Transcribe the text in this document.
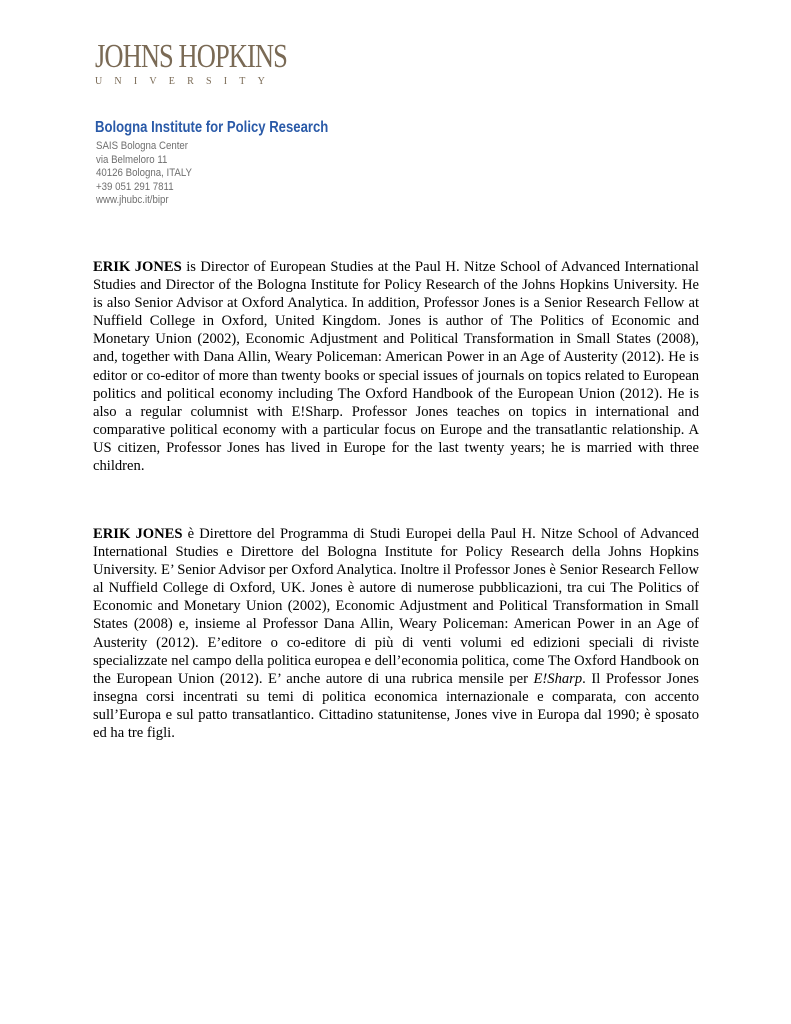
JOHNS HOPKINS
UNIVERSITY
Bologna Institute for Policy Research
SAIS Bologna Center
via Belmeloro 11
40126 Bologna, ITALY
+39 051 291 7811
www.jhubc.it/bipr

ERIK JONES is Director of European Studies at the Paul H. Nitze School of Advanced International Studies and Director of the Bologna Institute for Policy Research of the Johns Hopkins University. He is also Senior Advisor at Oxford Analytica. In addition, Professor Jones is a Senior Research Fellow at Nuffield College in Oxford, United Kingdom. Jones is author of The Politics of Economic and Monetary Union (2002), Economic Adjustment and Political Transformation in Small States (2008), and, together with Dana Allin, Weary Policeman: American Power in an Age of Austerity (2012). He is editor or co-editor of more than twenty books or special issues of journals on topics related to European politics and political economy including The Oxford Handbook of the European Union (2012). He is also a regular columnist with E!Sharp. Professor Jones teaches on topics in international and comparative political economy with a particular focus on Europe and the transatlantic relationship. A US citizen, Professor Jones has lived in Europe for the last twenty years; he is married with three children.

ERIK JONES è Direttore del Programma di Studi Europei della Paul H. Nitze School of Advanced International Studies e Direttore del Bologna Institute for Policy Research della Johns Hopkins University. E’ Senior Advisor per Oxford Analytica. Inoltre il Professor Jones è Senior Research Fellow al Nuffield College di Oxford, UK. Jones è autore di numerose pubblicazioni, tra cui The Politics of Economic and Monetary Union (2002), Economic Adjustment and Political Transformation in Small States (2008) e, insieme al Professor Dana Allin, Weary Policeman: American Power in an Age of Austerity (2012). E’editore o co-editore di più di venti volumi ed edizioni speciali di riviste specializzate nel campo della politica europea e dell’economia politica, come The Oxford Handbook on the European Union (2012). E’ anche autore di una rubrica mensile per E!Sharp. Il Professor Jones insegna corsi incentrati su temi di politica economica internazionale e comparata, con accento sull’Europa e sul patto transatlantico. Cittadino statunitense, Jones vive in Europa dal 1990; è sposato ed ha tre figli.
